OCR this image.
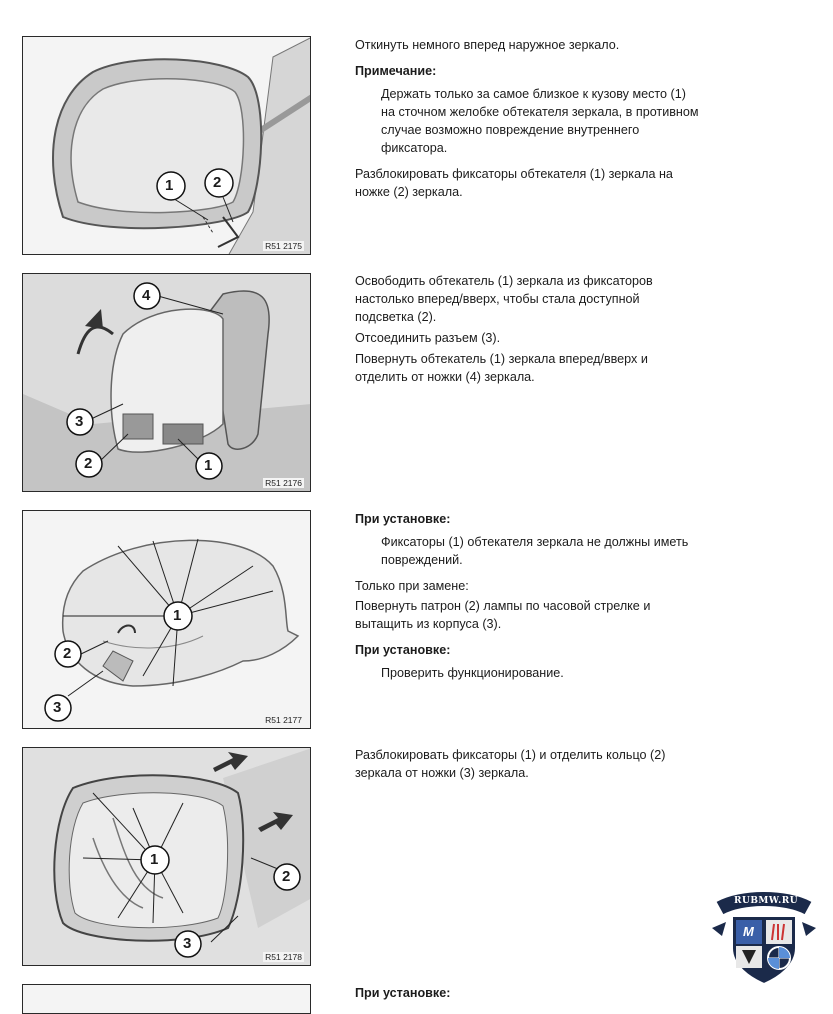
1	2
R51 2175
4
3
2	1
R51 2176
1
2
3
R51 2177
1
2
3
R51 2178

Откинуть немного вперед наружное зеркало.

Примечание:

Держать только за самое близкое к кузову место (1) на сточном желобке обтекателя зеркала, в противном случае возможно повреждение внутреннего фиксатора.

Разблокировать фиксаторы обтекателя (1) зеркала на ножке (2) зеркала.

Освободить обтекатель (1) зеркала из фиксаторов настолько вперед/вверх, чтобы стала доступной подсветка (2).

Отсоединить разъем (3).

Повернуть обтекатель (1) зеркала вперед/вверх и отделить от ножки (4) зеркала.

При установке:

Фиксаторы (1) обтекателя зеркала не должны иметь повреждений.

Только при замене:

Повернуть патрон (2) лампы по часовой стрелке и вытащить из корпуса (3).

При установке:

Проверить функционирование.

Разблокировать фиксаторы (1) и отделить кольцо (2) зеркала от ножки (3) зеркала.

При установке:

RUBMW.RU
M
